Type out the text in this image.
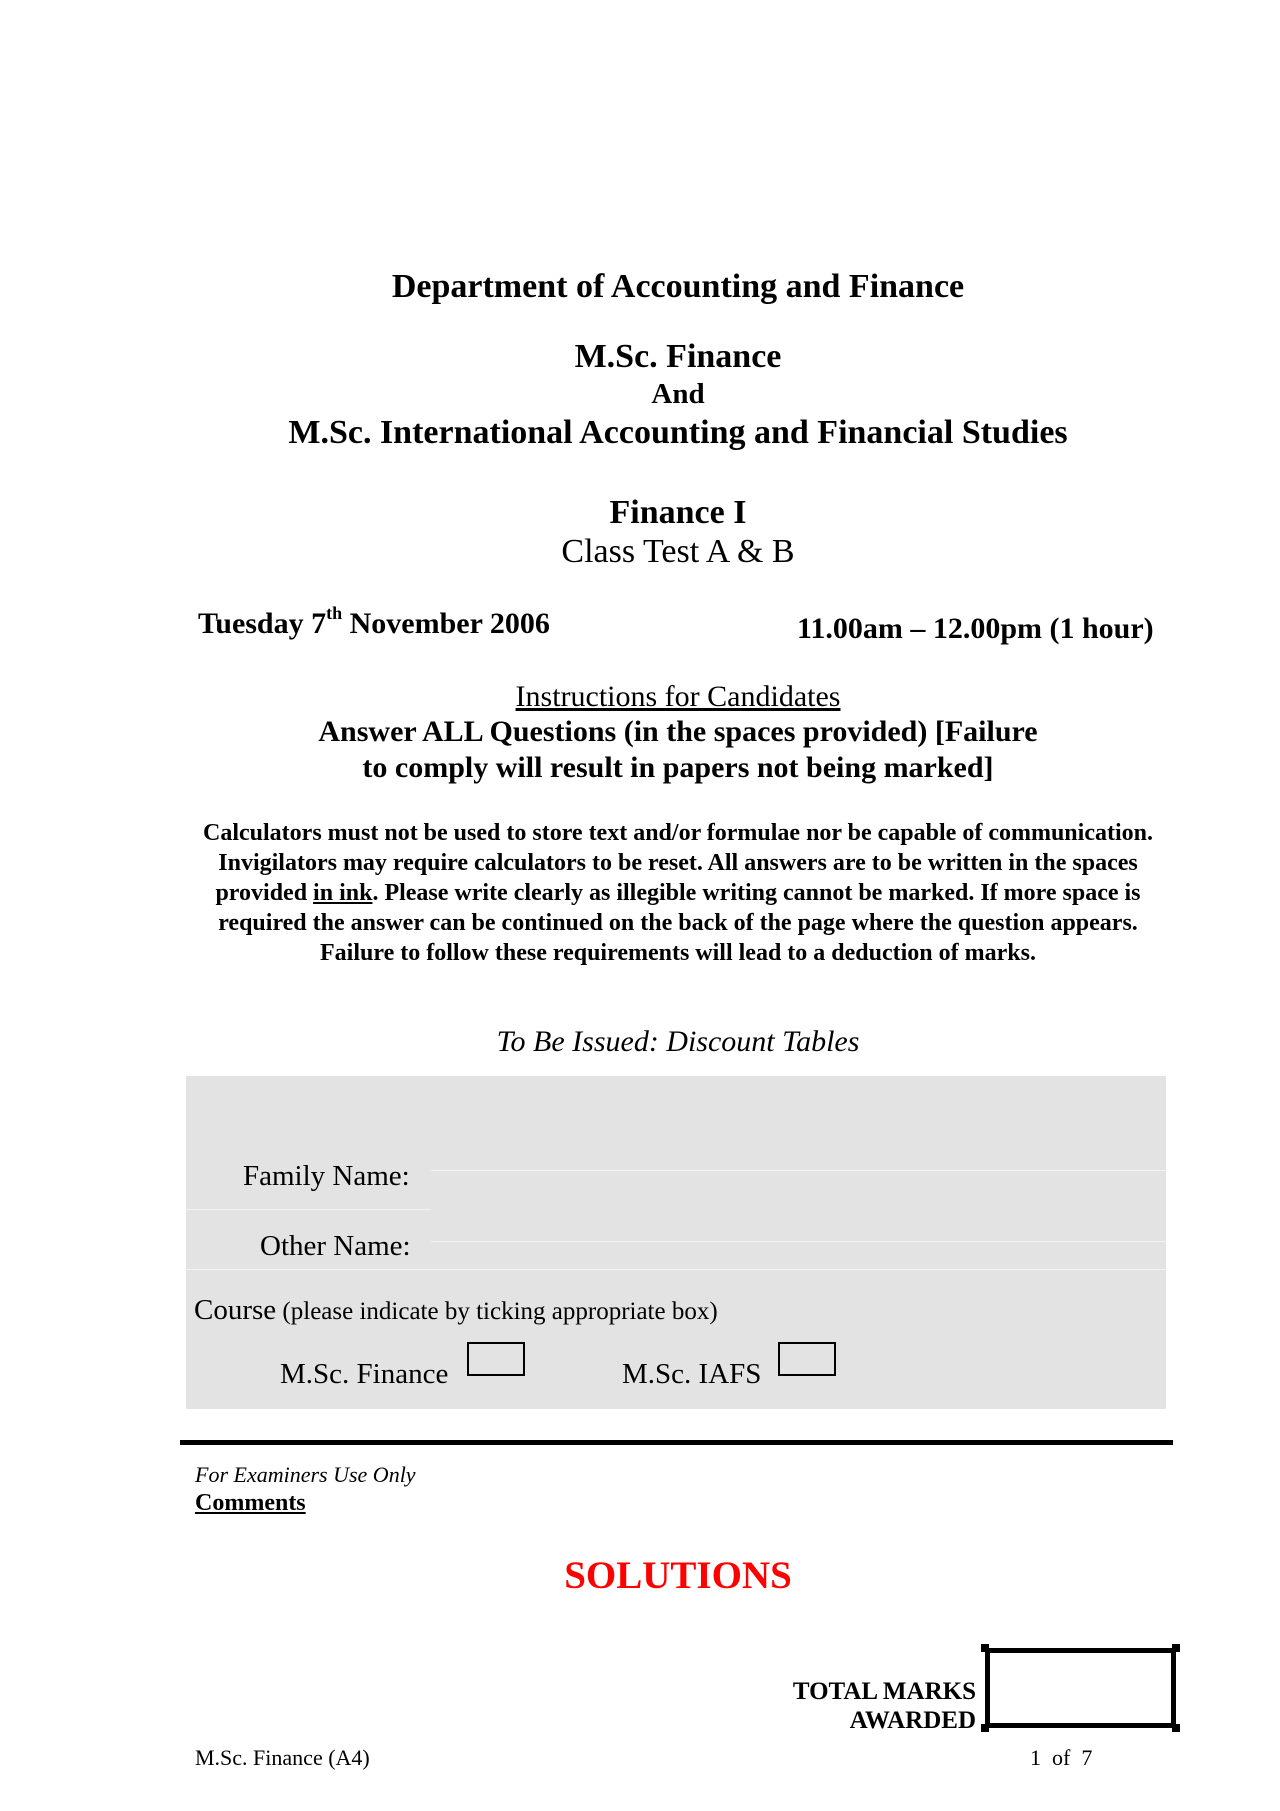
Department of Accounting and Finance
M.Sc. Finance
And
M.Sc. International Accounting and Financial Studies
Finance I
Class Test A & B
Tuesday 7th November 2006	11.00am – 12.00pm (1 hour)
Instructions for Candidates
Answer ALL Questions (in the spaces provided) [Failure
to comply will result in papers not being marked]
Calculators must not be used to store text and/or formulae nor be capable of communication. Invigilators may require calculators to be reset. All answers are to be written in the spaces provided in ink. Please write clearly as illegible writing cannot be marked. If more space is required the answer can be continued on the back of the page where the question appears. Failure to follow these requirements will lead to a deduction of marks.
To Be Issued: Discount Tables
Family Name:
Other Name:
Course (please indicate by ticking appropriate box)
M.Sc. Finance	M.Sc. IAFS
For Examiners Use Only
Comments
SOLUTIONS
TOTAL MARKS
AWARDED
M.Sc. Finance (A4)	1  of  7
